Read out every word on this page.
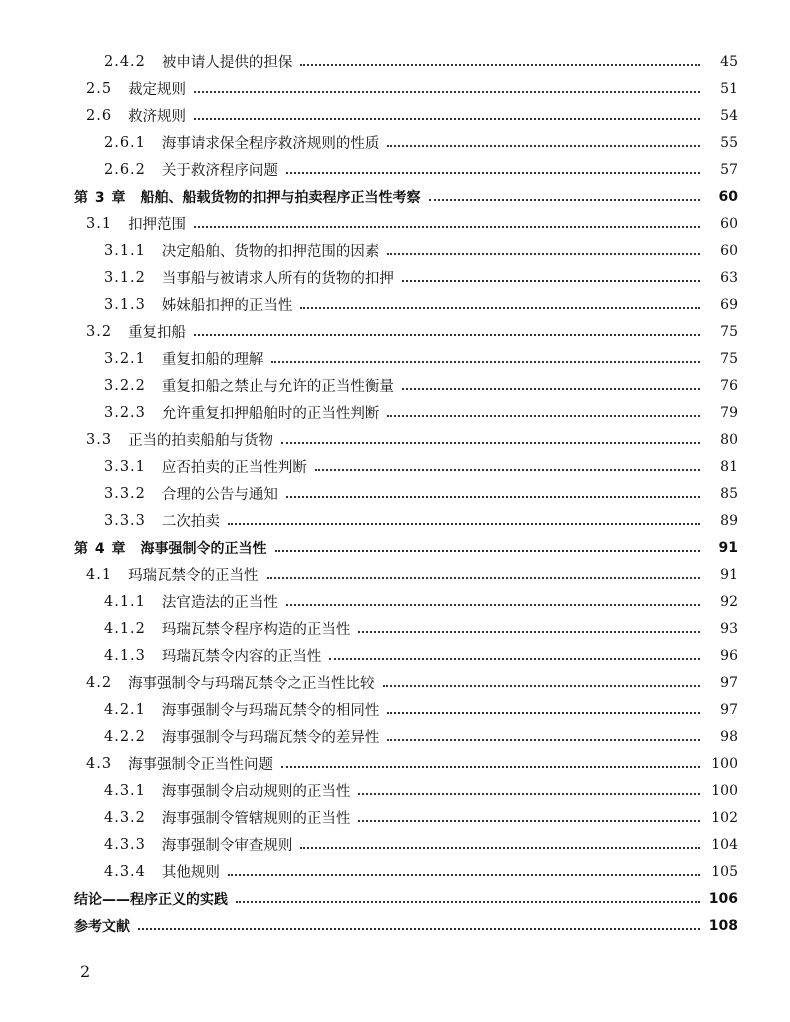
2.4.2 被申请人提供的担保	45
2.5 裁定规则	51
2.6 救济规则	54
2.6.1 海事请求保全程序救济规则的性质	55
2.6.2 关于救济程序问题	57
第 3 章 船舶、船载货物的扣押与拍卖程序正当性考察	60
3.1 扣押范围	60
3.1.1 决定船舶、货物的扣押范围的因素	60
3.1.2 当事船与被请求人所有的货物的扣押	63
3.1.3 姊妹船扣押的正当性	69
3.2 重复扣船	75
3.2.1 重复扣船的理解	75
3.2.2 重复扣船之禁止与允许的正当性衡量	76
3.2.3 允许重复扣押船舶时的正当性判断	79
3.3 正当的拍卖船舶与货物	80
3.3.1 应否拍卖的正当性判断	81
3.3.2 合理的公告与通知	85
3.3.3 二次拍卖	89
第 4 章 海事强制令的正当性	91
4.1 玛瑞瓦禁令的正当性	91
4.1.1 法官造法的正当性	92
4.1.2 玛瑞瓦禁令程序构造的正当性	93
4.1.3 玛瑞瓦禁令内容的正当性	96
4.2 海事强制令与玛瑞瓦禁令之正当性比较	97
4.2.1 海事强制令与玛瑞瓦禁令的相同性	97
4.2.2 海事强制令与玛瑞瓦禁令的差异性	98
4.3 海事强制令正当性问题	100
4.3.1 海事强制令启动规则的正当性	100
4.3.2 海事强制令管辖规则的正当性	102
4.3.3 海事强制令审查规则	104
4.3.4 其他规则	105
结论——程序正义的实践	106
参考文献	108
2
